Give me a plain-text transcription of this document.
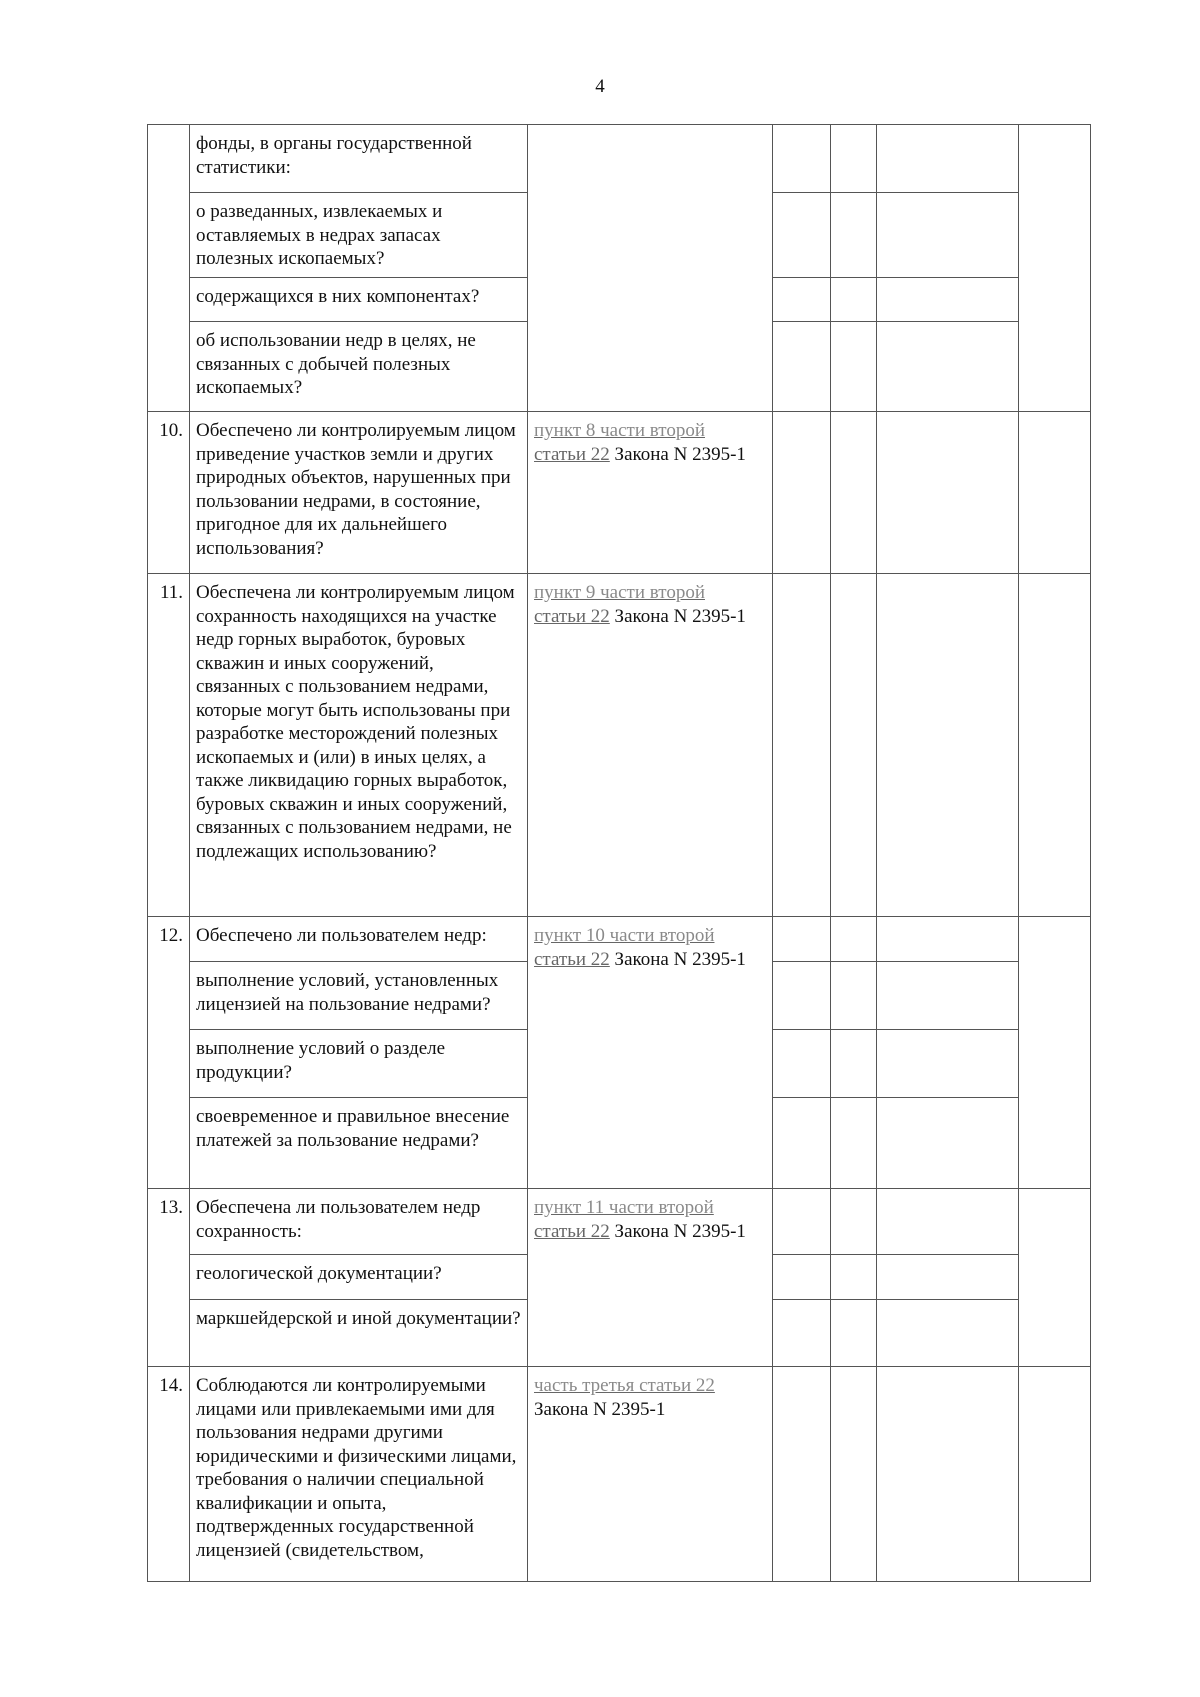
4
	фонды, в органы государственной статистики:					
	о разведанных, извлекаемых и оставляемых в недрах запасах полезных ископаемых?					
	содержащихся в них компонентах?					
	об использовании недр в целях, не связанных с добычей полезных ископаемых?					
10.	Обеспечено ли контролируемым лицом приведение участков земли и других природных объектов, нарушенных при пользовании недрами, в состояние, пригодное для их дальнейшего использования?	пункт 8 части второй
статьи 22 Закона N 2395-1				
11.	Обеспечена ли контролируемым лицом сохранность находящихся на участке недр горных выработок, буровых скважин и иных сооружений, связанных с пользованием недрами, которые могут быть использованы при разработке месторождений полезных ископаемых и (или) в иных целях, а также ликвидацию горных выработок, буровых скважин и иных сооружений, связанных с пользованием недрами, не подлежащих использованию?	пункт 9 части второй
статьи 22 Закона N 2395-1				
12.	Обеспечено ли пользователем недр:	пункт 10 части второй
статьи 22 Закона N 2395-1				
	выполнение условий, установленных лицензией на пользование недрами?					
	выполнение условий о разделе продукции?					
	своевременное и правильное внесение платежей за пользование недрами?					
13.	Обеспечена ли пользователем недр сохранность:	пункт 11 части второй
статьи 22 Закона N 2395-1				
	геологической документации?					
	маркшейдерской и иной документации?					
14.	Соблюдаются ли контролируемыми лицами или привлекаемыми ими для пользования недрами другими юридическими и физическими лицами, требования о наличии специальной квалификации и опыта, подтвержденных государственной лицензией (свидетельством,	часть третья статьи 22
Закона N 2395-1				
